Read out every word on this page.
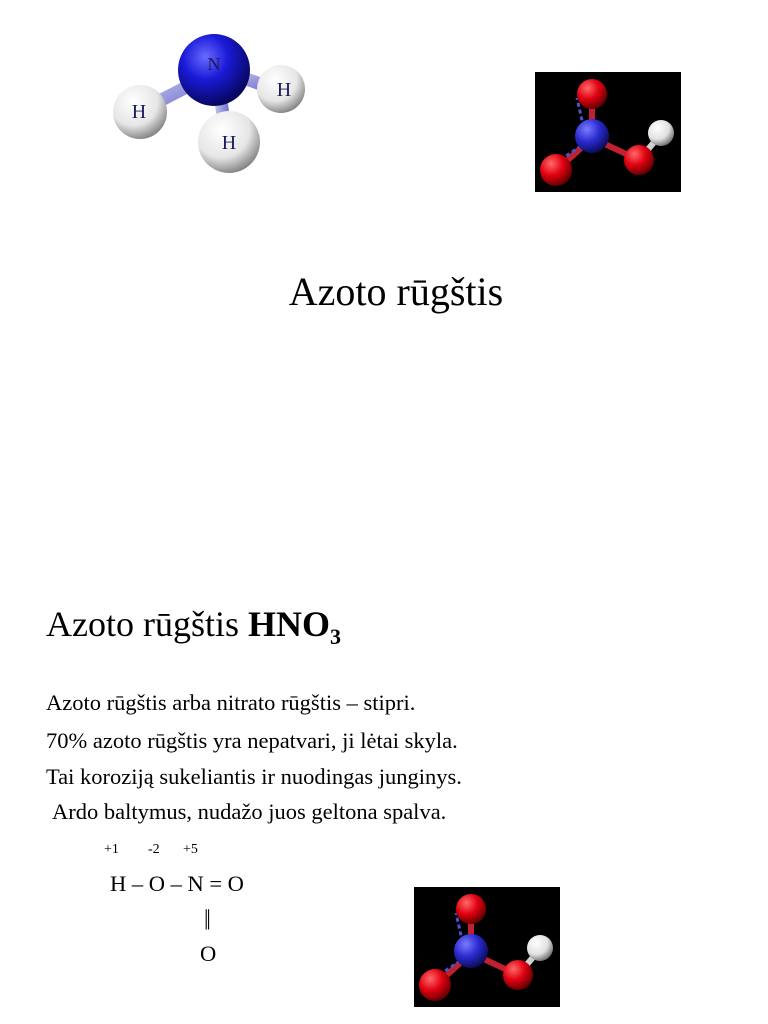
N
H
H
H
Azoto rūgštis
Azoto rūgštis $HNO_3$
Azoto rūgštis arba nitrato rūgštis – stipri.
70% azoto rūgštis yra nepatvari, ji lėtai skyla.
Tai koroziją sukeliantis ir nuodingas junginys.
Ardo baltymus, nudažo juos geltona spalva.
+1 -2 +5
H – O – N = O
||
O
